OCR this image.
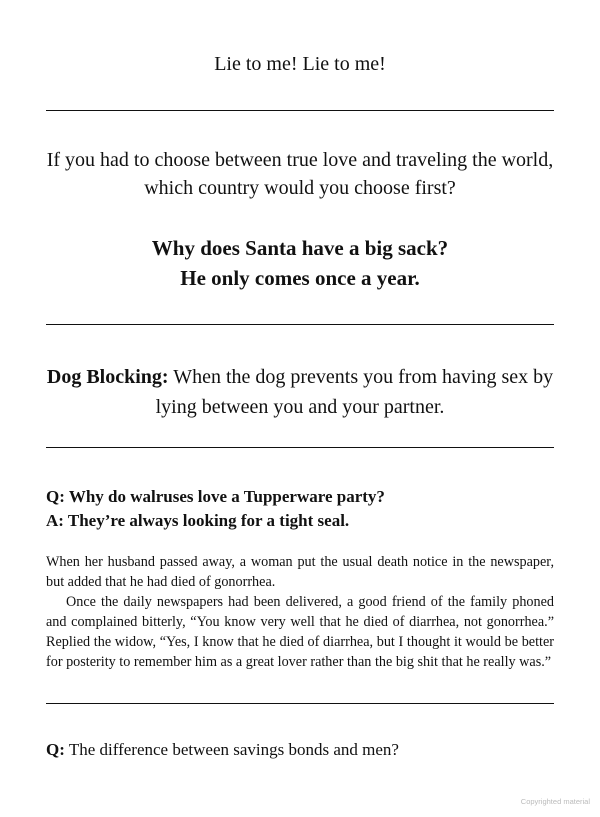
Lie to me! Lie to me!
If you had to choose between true love and traveling the world,
which country would you choose first?
Why does Santa have a big sack?
He only comes once a year.
Dog Blocking: When the dog prevents you from having sex by
lying between you and your partner.
Q: Why do walruses love a Tupperware party?
A: They’re always looking for a tight seal.

When her husband passed away, a woman put the usual death notice in the newspaper, but added that he had died of gonorrhea.

Once the daily newspapers had been delivered, a good friend of the family phoned and complained bitterly, “You know very well that he died of diarrhea, not gonorrhea.” Replied the widow, “Yes, I know that he died of diarrhea, but I thought it would be better for posterity to remember him as a great lover rather than the big shit that he really was.”

Q: The difference between savings bonds and men?
Copyrighted material
